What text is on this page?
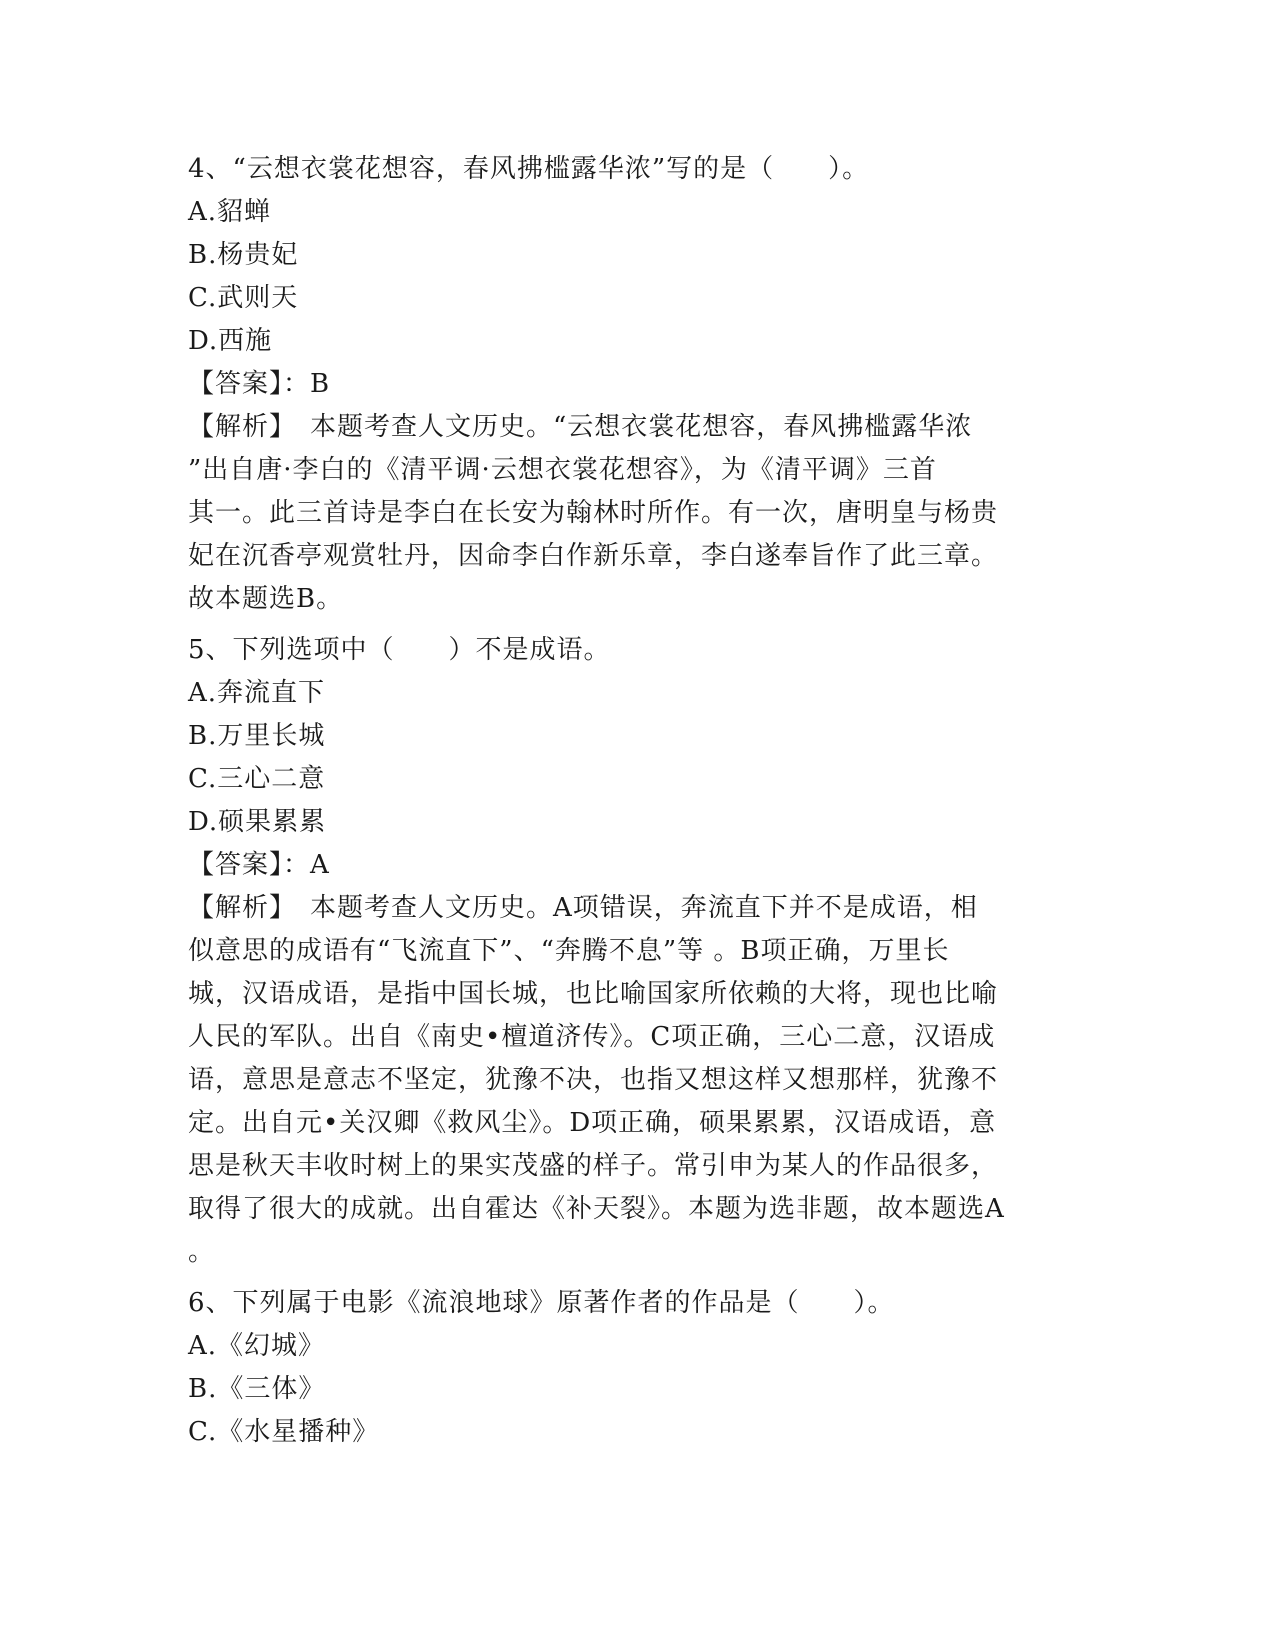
4、“云想衣裳花想容，春风拂槛露华浓”写的是（　　）。
A.貂蝉
B.杨贵妃
C.武则天
D.西施
【答案】：B
【解析】　本题考查人文历史。“云想衣裳花想容，春风拂槛露华浓
”出自唐·李白的《清平调·云想衣裳花想容》，为《清平调》三首
其一。此三首诗是李白在长安为翰林时所作。有一次，唐明皇与杨贵
妃在沉香亭观赏牡丹，因命李白作新乐章，李白遂奉旨作了此三章。
故本题选B。
5、下列选项中（　　）不是成语。
A.奔流直下
B.万里长城
C.三心二意
D.硕果累累
【答案】：A
【解析】　本题考查人文历史。A项错误，奔流直下并不是成语，相
似意思的成语有“飞流直下”、“奔腾不息”等 。B项正确，万里长
城，汉语成语，是指中国长城，也比喻国家所依赖的大将，现也比喻
人民的军队。出自《南史•檀道济传》。C项正确，三心二意，汉语成
语，意思是意志不坚定，犹豫不决，也指又想这样又想那样，犹豫不
定。出自元•关汉卿《救风尘》。D项正确，硕果累累，汉语成语，意
思是秋天丰收时树上的果实茂盛的样子。常引申为某人的作品很多，
取得了很大的成就。出自霍达《补天裂》。本题为选非题，故本题选A
。
6、下列属于电影《流浪地球》原著作者的作品是（　　）。
A.《幻城》
B.《三体》
C.《水星播种》
